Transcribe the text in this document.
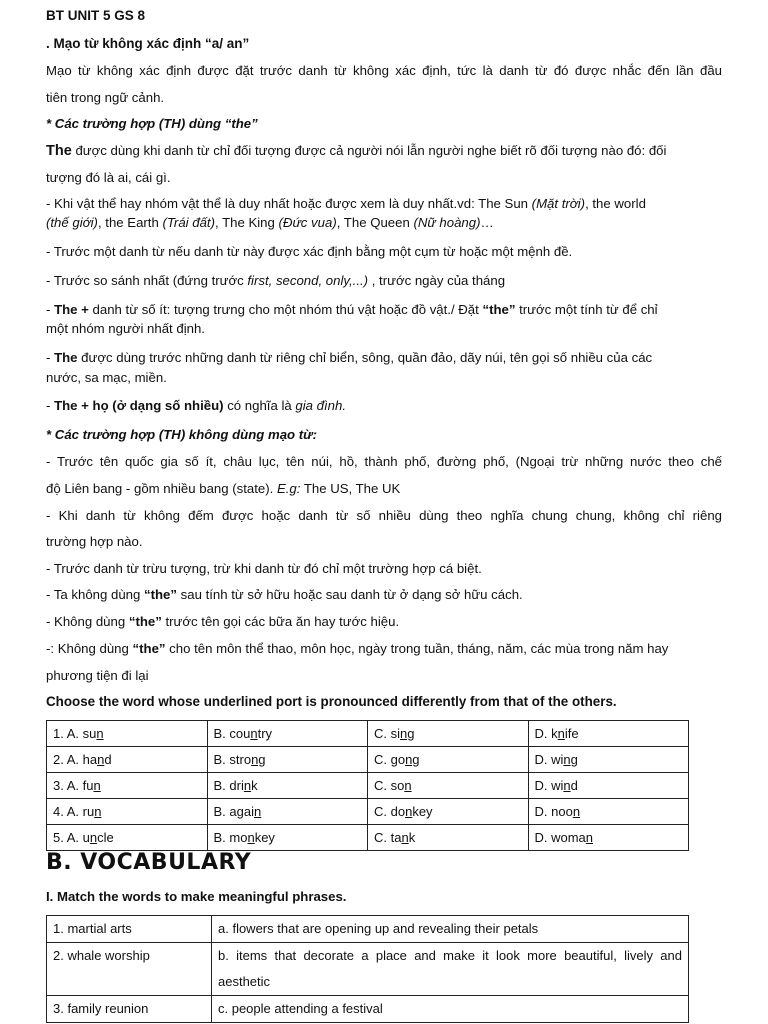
BT UNIT 5 GS 8
. Mạo từ không xác định “a/ an”
Mạo từ không xác định được đặt trước danh từ không xác định, tức là danh từ đó được nhắc đến lần đầu
tiên trong ngữ cảnh.
* Các trường hợp (TH) dùng “the”
The được dùng khi danh từ chỉ đối tượng được cả người nói lẫn người nghe biết rõ đối tượng nào đó: đối
tượng đó là ai, cái gì.
- Khi vật thể hay nhóm vật thể là duy nhất hoặc được xem là duy nhất.vd: The Sun (Mặt trời), the world
(thế giới), the Earth (Trái đất), The King (Đức vua), The Queen (Nữ hoàng)…
- Trước một danh từ nếu danh từ này được xác định bằng một cụm từ hoặc một mệnh đề.
- Trước so sánh nhất (đứng trước first, second, only,...) , trước ngày của tháng
- The + danh từ số ít: tượng trưng cho một nhóm thú vật hoặc đồ vật./ Đặt “the” trước một tính từ để chỉ
một nhóm người nhất định.
- The được dùng trước những danh từ riêng chỉ biển, sông, quần đảo, dãy núi, tên gọi số nhiều của các
nước, sa mạc, miền.
- The + họ (ở dạng số nhiều) có nghĩa là gia đình.
* Các trường hợp (TH) không dùng mạo từ:
- Trước tên quốc gia số ít, châu lục, tên núi, hồ, thành phố, đường phố, (Ngoại trừ những nước theo chế
độ Liên bang - gồm nhiều bang (state). E.g: The US, The UK
- Khi danh từ không đếm được hoặc danh từ số nhiều dùng theo nghĩa chung chung, không chỉ riêng
trường hợp nào.
- Trước danh từ trừu tượng, trừ khi danh từ đó chỉ một trường hợp cá biệt.
- Ta không dùng “the” sau tính từ sở hữu hoặc sau danh từ ở dạng sở hữu cách.
- Không dùng “the” trước tên gọi các bữa ăn hay tước hiệu.
-: Không dùng “the” cho tên môn thể thao, môn học, ngày trong tuần, tháng, năm, các mùa trong năm hay
phương tiện đi lại
Choose the word whose underlined port is pronounced differently from that of the others.
1. A. sun	B. country	C. sing	D. knife
2. A. hand	B. strong	C. gong	D. wing
3. A. fun	B. drink	C. son	D. wind
4. A. run	B. again	C. donkey	D. noon
5. A. uncle	B. monkey	C. tank	D. woman
B. VOCABULARY
I. Match the words to make meaningful phrases.
1. martial arts	a. flowers that are opening up and revealing their petals

2. whale worship	b. items that decorate a place and make it look more beautiful, lively and
aesthetic

3. family reunion	c. people attending a festival
